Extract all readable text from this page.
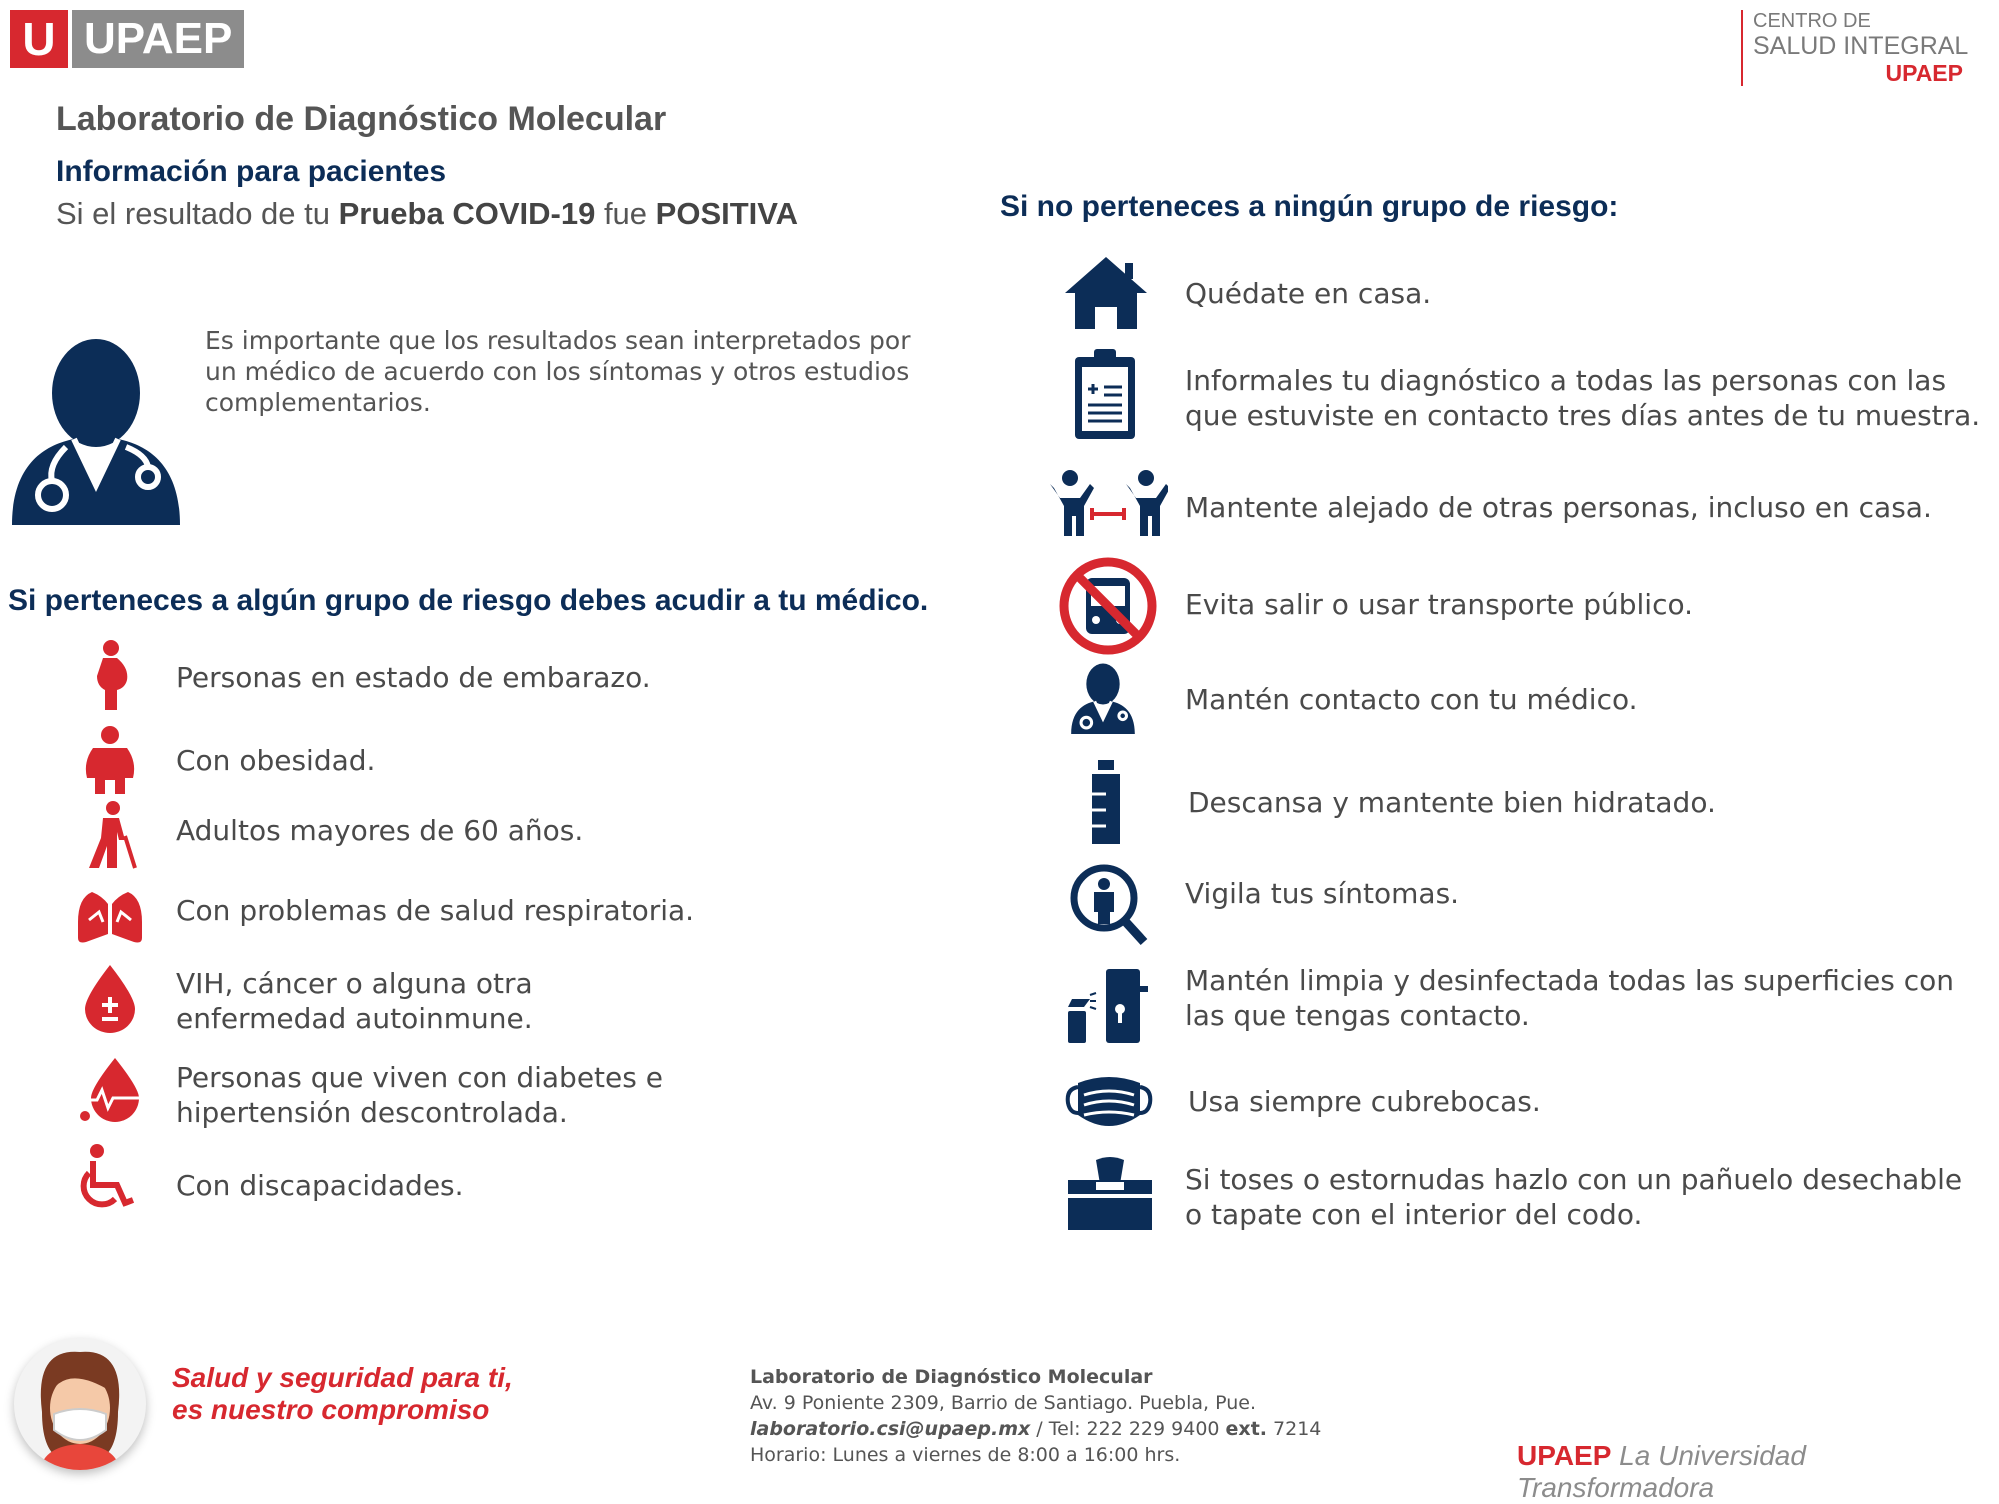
U UPAEP	CENTRO DE
SALUD INTEGRAL
UPAEP
Laboratorio de Diagnóstico Molecular
Información para pacientes
Si el resultado de tu Prueba COVID-19 fue POSITIVA
Es importante que los resultados sean interpretados por un médico de acuerdo con los síntomas y otros estudios complementarios.
Si perteneces a algún grupo de riesgo debes acudir a tu médico.
Personas en estado de embarazo.
Con obesidad.
Adultos mayores de 60 años.
Con problemas de salud respiratoria.
VIH, cáncer o alguna otra enfermedad autoinmune.
Personas que viven con diabetes e hipertensión descontrolada.
Con discapacidades.
Si no perteneces a ningún grupo de riesgo:
Quédate en casa.
Informales tu diagnóstico a todas las personas con las que estuviste en contacto tres días antes de tu muestra.
Mantente alejado de otras personas, incluso en casa.
Evita salir o usar transporte público.
Mantén contacto con tu médico.
Descansa y mantente bien hidratado.
Vigila tus síntomas.
Mantén limpia y desinfectada todas las superficies con las que tengas contacto.
Usa siempre cubrebocas.
Si toses o estornudas hazlo con un pañuelo desechable o tapate con el interior del codo.
Salud y seguridad para ti,
es nuestro compromiso
Laboratorio de Diagnóstico Molecular
Av. 9 Poniente 2309, Barrio de Santiago. Puebla, Pue.
laboratorio.csi@upaep.mx / Tel: 222 229 9400 ext. 7214
Horario: Lunes a viernes de 8:00 a 16:00 hrs.	UPAEP La Universidad Transformadora
